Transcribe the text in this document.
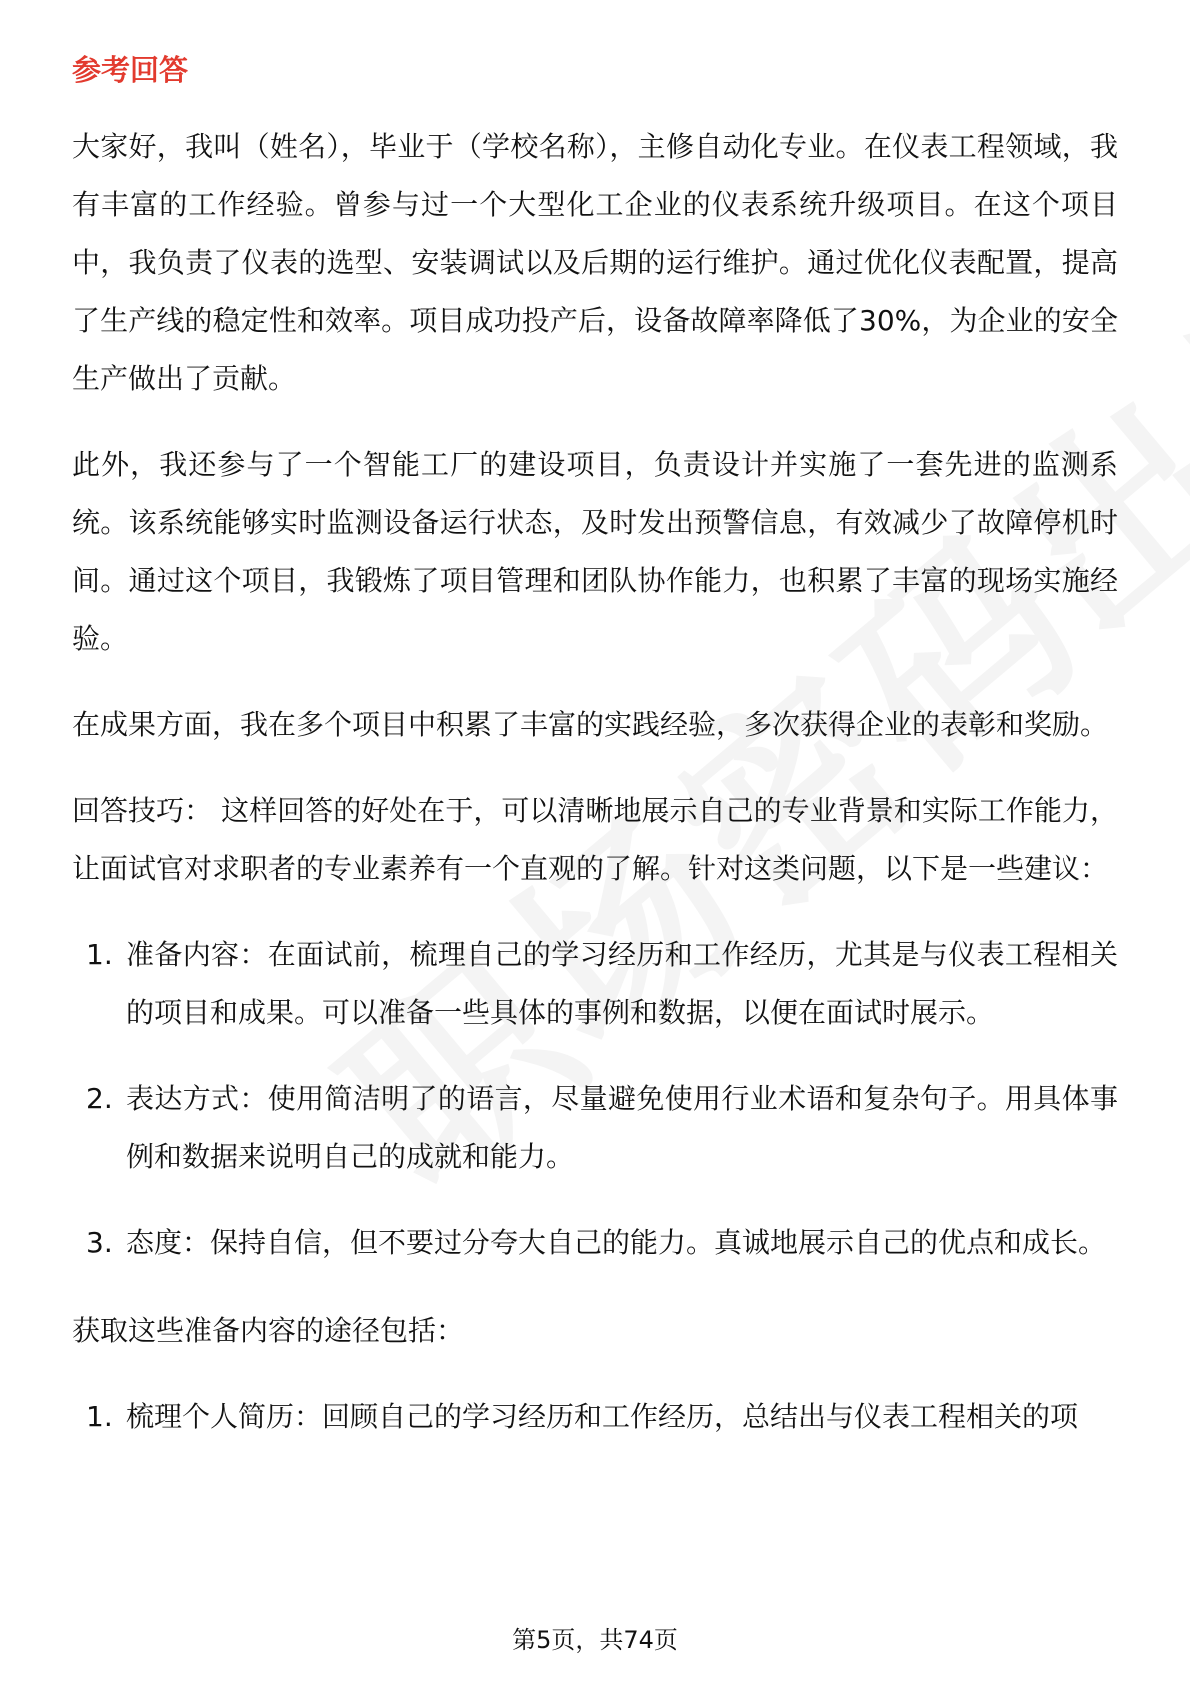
参考回答

大家好，我叫（姓名），毕业于（学校名称），主修自动化专业。在仪表工程领域，我有丰富的工作经验。曾参与过一个大型化工企业的仪表系统升级项目。在这个项目中，我负责了仪表的选型、安装调试以及后期的运行维护。通过优化仪表配置，提高了生产线的稳定性和效率。项目成功投产后，设备故障率降低了30%，为企业的安全生产做出了贡献。

此外，我还参与了一个智能工厂的建设项目，负责设计并实施了一套先进的监测系统。该系统能够实时监测设备运行状态，及时发出预警信息，有效减少了故障停机时间。通过这个项目，我锻炼了项目管理和团队协作能力，也积累了丰富的现场实施经验。

在成果方面，我在多个项目中积累了丰富的实践经验，多次获得企业的表彰和奖励。

回答技巧： 这样回答的好处在于，可以清晰地展示自己的专业背景和实际工作能力，让面试官对求职者的专业素养有一个直观的了解。针对这类问题，以下是一些建议：

1. 准备内容：在面试前，梳理自己的学习经历和工作经历，尤其是与仪表工程相关的项目和成果。可以准备一些具体的事例和数据，以便在面试时展示。
2. 表达方式：使用简洁明了的语言，尽量避免使用行业术语和复杂句子。用具体事例和数据来说明自己的成就和能力。
3. 态度：保持自信，但不要过分夸大自己的能力。真诚地展示自己的优点和成长。

获取这些准备内容的途径包括：

1. 梳理个人简历：回顾自己的学习经历和工作经历，总结出与仪表工程相关的项
第5页，共74页
